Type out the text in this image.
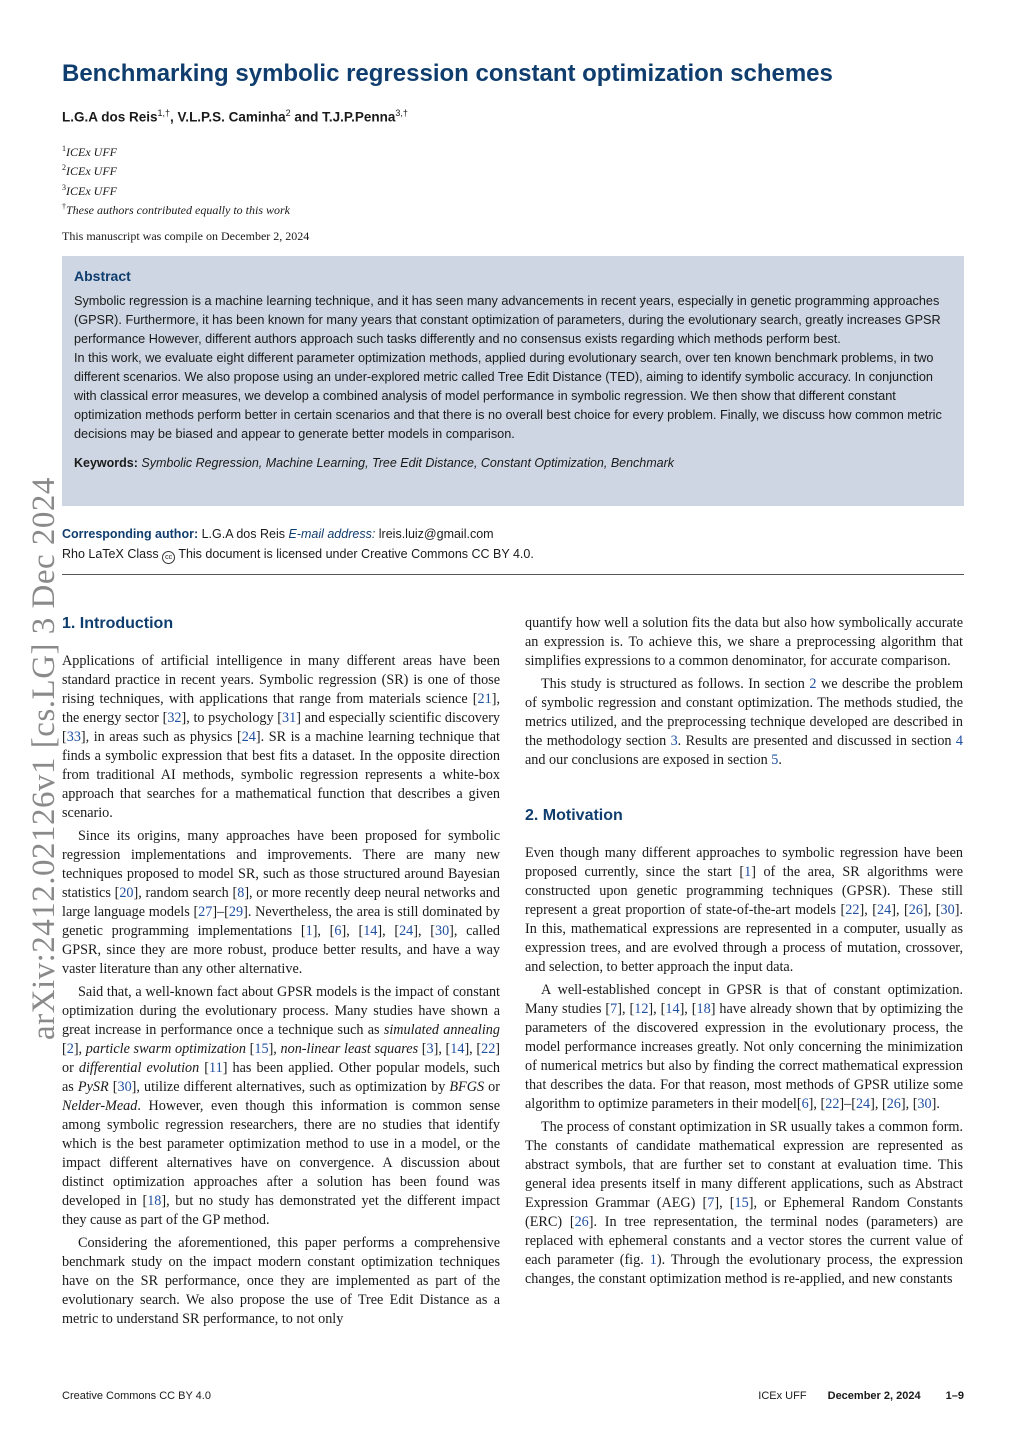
arXiv:2412.02126v1 [cs.LG] 3 Dec 2024
Benchmarking symbolic regression constant optimization schemes
L.G.A dos Reis$^{1,\dagger}$, V.L.P.S. Caminha$^2$ and T.J.P.Penna$^{3,\dagger}$
$^1$ICEx UFF
$^2$ICEx UFF
$^3$ICEx UFF
†These authors contributed equally to this work
This manuscript was compile on December 2, 2024
Abstract

Symbolic regression is a machine learning technique, and it has seen many advancements in recent years, especially in genetic programming approaches (GPSR). Furthermore, it has been known for many years that constant optimization of parameters, during the evolutionary search, greatly increases GPSR performance However, different authors approach such tasks differently and no consensus exists regarding which methods perform best.

In this work, we evaluate eight different parameter optimization methods, applied during evolutionary search, over ten known benchmark problems, in two different scenarios. We also propose using an under-explored metric called Tree Edit Distance (TED), aiming to identify symbolic accuracy. In conjunction with classical error measures, we develop a combined analysis of model performance in symbolic regression. We then show that different constant optimization methods perform better in certain scenarios and that there is no overall best choice for every problem. Finally, we discuss how common metric decisions may be biased and appear to generate better models in comparison.

Keywords: Symbolic Regression, Machine Learning, Tree Edit Distance, Constant Optimization, Benchmark
Corresponding author: L.G.A dos Reis E-mail address: lreis.luiz@gmail.com
Rho LaTeX Class cc This document is licensed under Creative Commons CC BY 4.0.
1. Introduction

Applications of artificial intelligence in many different areas have been standard practice in recent years. Symbolic regression (SR) is one of those rising techniques, with applications that range from materials science [21], the energy sector [32], to psychology [31] and especially scientific discovery [33], in areas such as physics [24]. SR is a machine learning technique that finds a symbolic expression that best fits a dataset. In the opposite direction from traditional AI methods, symbolic regression represents a white-box approach that searches for a mathematical function that describes a given scenario.

Since its origins, many approaches have been proposed for symbolic regression implementations and improvements. There are many new techniques proposed to model SR, such as those structured around Bayesian statistics [20], random search [8], or more recently deep neural networks and large language models [27]–[29]. Nevertheless, the area is still dominated by genetic programming implementations [1], [6], [14], [24], [30], called GPSR, since they are more robust, produce better results, and have a way vaster literature than any other alternative.

Said that, a well-known fact about GPSR models is the impact of constant optimization during the evolutionary process. Many studies have shown a great increase in performance once a technique such as simulated annealing [2], particle swarm optimization [15], non-linear least squares [3], [14], [22] or differential evolution [11] has been applied. Other popular models, such as PySR [30], utilize different alternatives, such as optimization by BFGS or Nelder-Mead. However, even though this information is common sense among symbolic regression researchers, there are no studies that identify which is the best parameter optimization method to use in a model, or the impact different alternatives have on convergence. A discussion about distinct optimization approaches after a solution has been found was developed in [18], but no study has demonstrated yet the different impact they cause as part of the GP method.

Considering the aforementioned, this paper performs a comprehensive benchmark study on the impact modern constant optimization techniques have on the SR performance, once they are implemented as part of the evolutionary search. We also propose the use of Tree Edit Distance as a metric to understand SR performance, to not only

quantify how well a solution fits the data but also how symbolically accurate an expression is. To achieve this, we share a preprocessing algorithm that simplifies expressions to a common denominator, for accurate comparison.

This study is structured as follows. In section 2 we describe the problem of symbolic regression and constant optimization. The methods studied, the metrics utilized, and the preprocessing technique developed are described in the methodology section 3. Results are presented and discussed in section 4 and our conclusions are exposed in section 5.

2. Motivation

Even though many different approaches to symbolic regression have been proposed currently, since the start [1] of the area, SR algorithms were constructed upon genetic programming techniques (GPSR). These still represent a great proportion of state-of-the-art models [22], [24], [26], [30]. In this, mathematical expressions are represented in a computer, usually as expression trees, and are evolved through a process of mutation, crossover, and selection, to better approach the input data.

A well-established concept in GPSR is that of constant optimization. Many studies [7], [12], [14], [18] have already shown that by optimizing the parameters of the discovered expression in the evolutionary process, the model performance increases greatly. Not only concerning the minimization of numerical metrics but also by finding the correct mathematical expression that describes the data. For that reason, most methods of GPSR utilize some algorithm to optimize parameters in their model[6], [22]–[24], [26], [30].

The process of constant optimization in SR usually takes a common form. The constants of candidate mathematical expression are represented as abstract symbols, that are further set to constant at evaluation time. This general idea presents itself in many different applications, such as Abstract Expression Grammar (AEG) [7], [15], or Ephemeral Random Constants (ERC) [26]. In tree representation, the terminal nodes (parameters) are replaced with ephemeral constants and a vector stores the current value of each parameter (fig. 1). Through the evolutionary process, the expression changes, the constant optimization method is re-applied, and new constants

Creative Commons CC BY 4.0	ICEx UFF December 2, 2024 1–9
